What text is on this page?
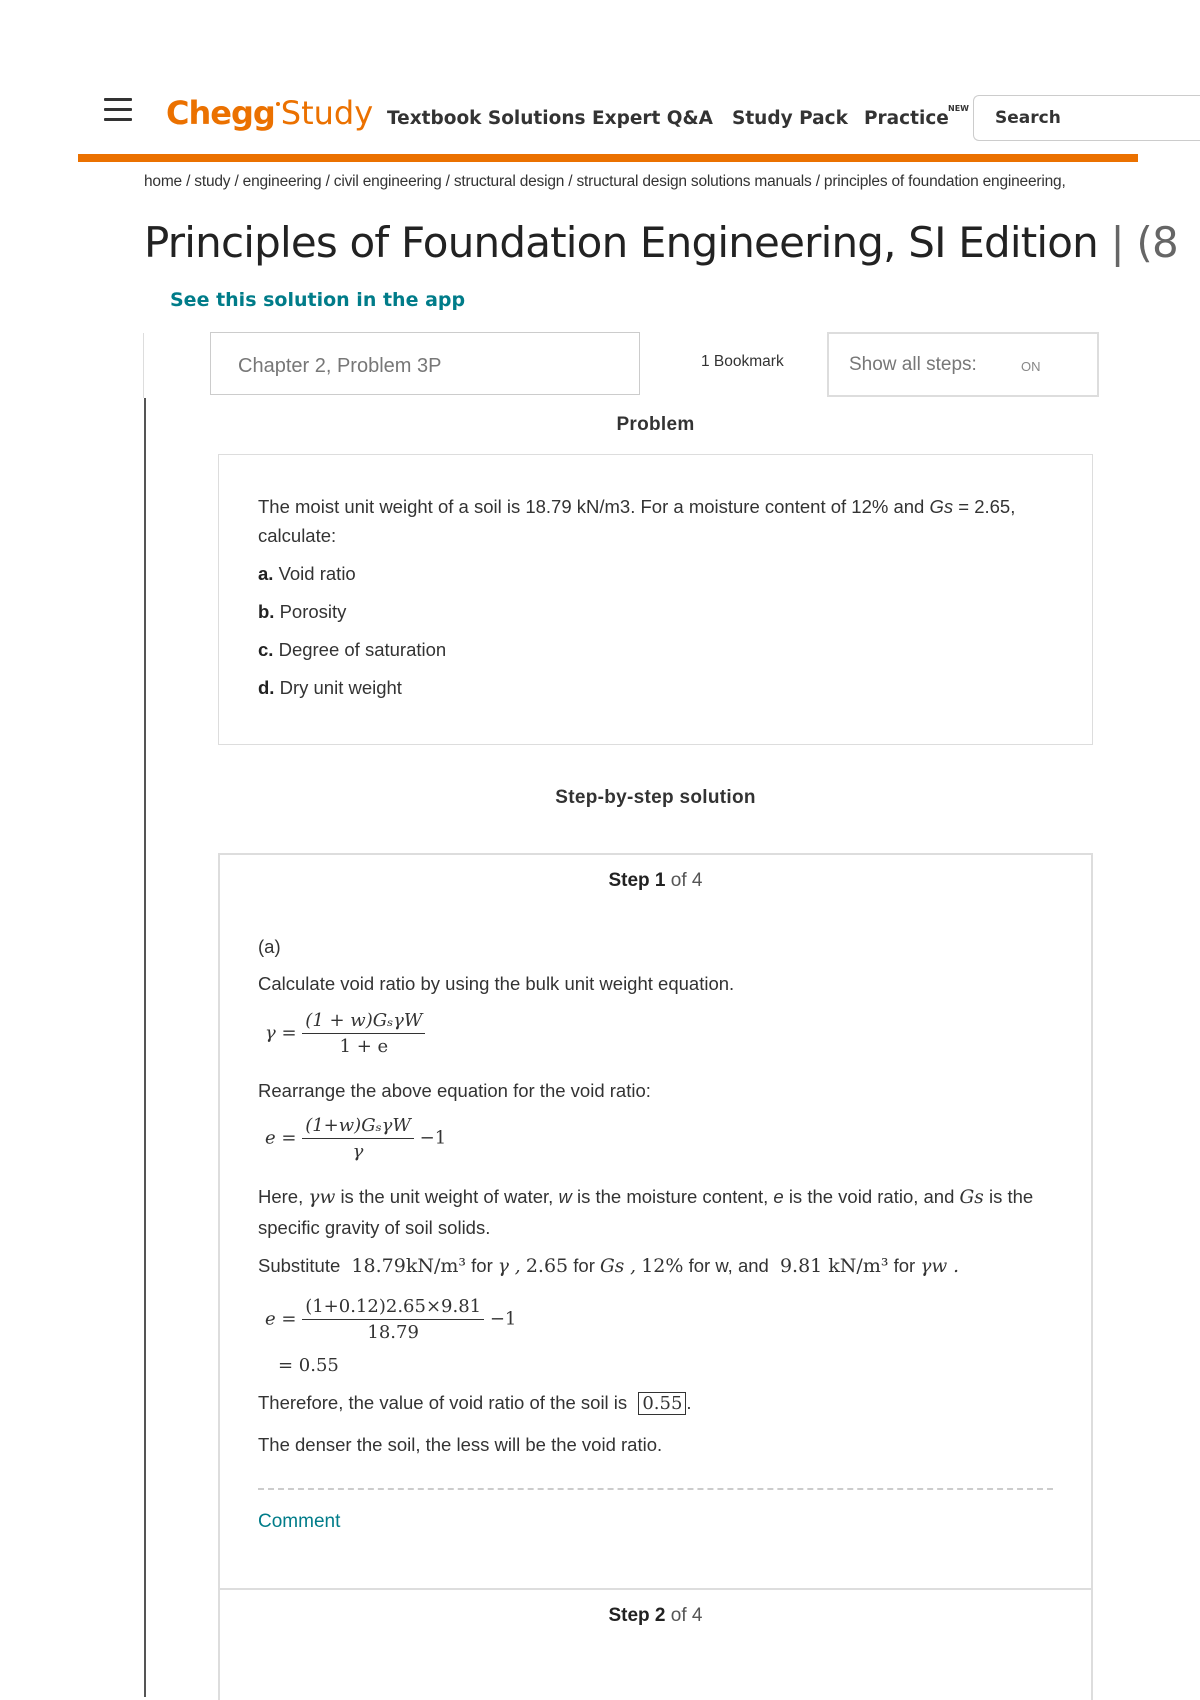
Chegg Study Textbook Solutions Expert Q&A Study Pack Practice NEW
Search
home / study / engineering / civil engineering / structural design / structural design solutions manuals / principles of foundation engineering,
Principles of Foundation Engineering, SI Edition | (8
See this solution in the app
Chapter 2, Problem 3P	1 Bookmark	Show all steps:	ON
Problem
The moist unit weight of a soil is 18.79 kN/m3. For a moisture content of 12% and Gs = 2.65,
calculate:
a. Void ratio
b. Porosity
c. Degree of saturation
d. Dry unit weight
Step-by-step solution
Step 1 of 4
(a)
Calculate void ratio by using the bulk unit weight equation.
$\gamma = \frac{\text{(1 + w)GₛγW}}{1 + e}$
Rearrange the above equation for the void ratio:
$e = \frac{\text{(1+w)GₛγW}}{\gamma} -1$
Here, γw is the unit weight of water, w is the moisture content, e is the void ratio, and Gs is the
specific gravity of soil solids.
Substitute 18.79kN/m³ for γ , 2.65 for Gs , 12% for w, and 9.81 kN/m³ for γw .
$e = \frac{(1+0.12)2.65\times 9.81}{18.79} -1$
= 0.55
Therefore, the value of void ratio of the soil is 0.55 .
The denser the soil, the less will be the void ratio.
Comment
Step 2 of 4
